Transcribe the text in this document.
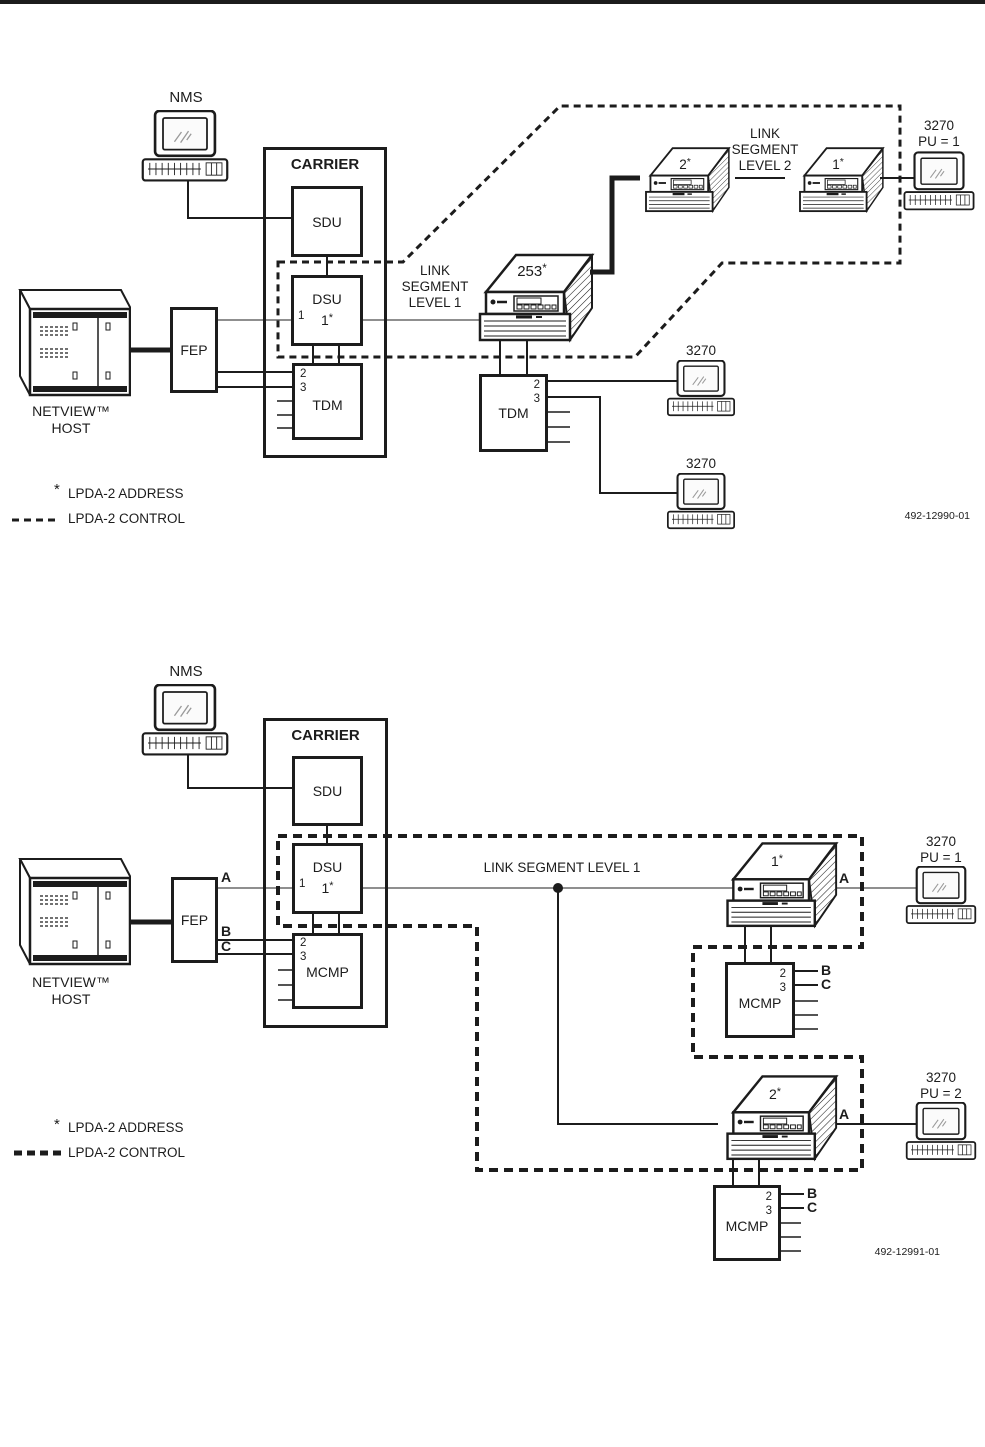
NMS
CARRIER
SDU
DSU
1*
1
2
3
TDM
FEP
NETVIEW™
HOST
LINK
SEGMENT
LEVEL 1
LINK
SEGMENT
LEVEL 2
253*
2*	1*
3270
PU = 1
2
3
TDM
3270
3270
* LPDA-2 ADDRESS
LPDA-2 CONTROL	492-12990-01
NMS
CARRIER
SDU
DSU
1*
1
2
3
MCMP
FEP
A
B
C
NETVIEW™
HOST
LINK SEGMENT LEVEL 1	1*
A
2*
A
3270
PU = 1
3270
PU = 2
2
3
MCMP
B
C
2
3
MCMP
B
C
* LPDA-2 ADDRESS
LPDA-2 CONTROL
492-12991-01
